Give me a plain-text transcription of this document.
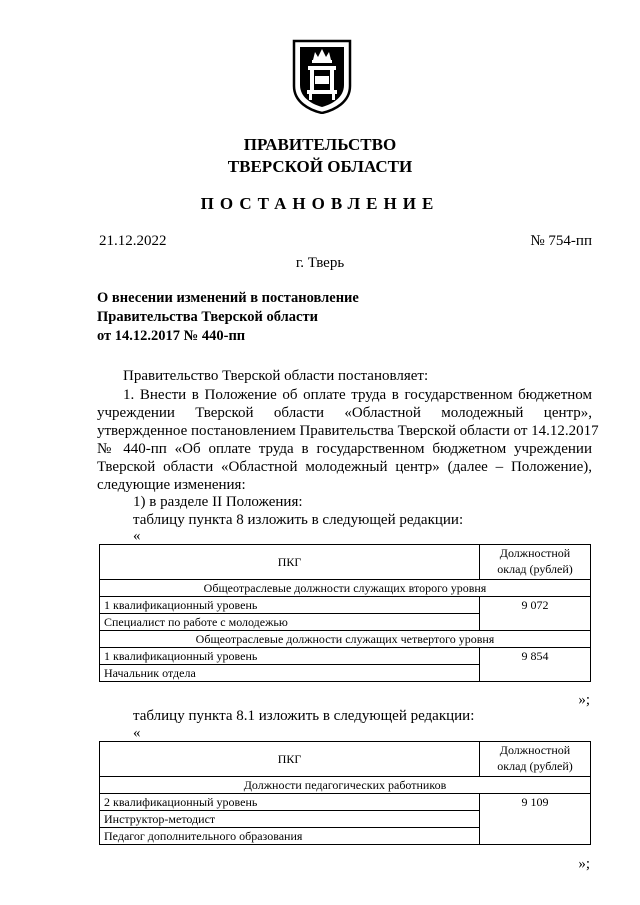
ПРАВИТЕЛЬСТВО
ТВЕРСКОЙ ОБЛАСТИ
ПОСТАНОВЛЕНИЕ
21.12.2022	№ 754-пп
г. Тверь
О внесении изменений в постановление
Правительства Тверской области
от 14.12.2017 № 440-пп
Правительство Тверской области постановляет:
1. Внести в Положение об оплате труда в государственном бюджетном
учреждении Тверской области «Областной молодежный центр»,
утвержденное постановлением Правительства Тверской области от 14.12.2017
№ 440-пп «Об оплате труда в государственном бюджетном учреждении
Тверской области «Областной молодежный центр» (далее – Положение),
следующие изменения:
1) в разделе II Положения:
таблицу пункта 8 изложить в следующей редакции:
«
ПКГ	Должностной оклад (рублей)
Общеотраслевые должности служащих второго уровня	
1 квалификационный уровень	9 072
Специалист по работе с молодежью	
Общеотраслевые должности служащих четвертого уровня	
1 квалификационный уровень	9 854
Начальник отдела	
»;
таблицу пункта 8.1 изложить в следующей редакции:
«
ПКГ	Должностной оклад (рублей)
Должности педагогических работников	
2 квалификационный уровень	9 109
Инструктор-методист	
Педагог дополнительного образования	
»;
